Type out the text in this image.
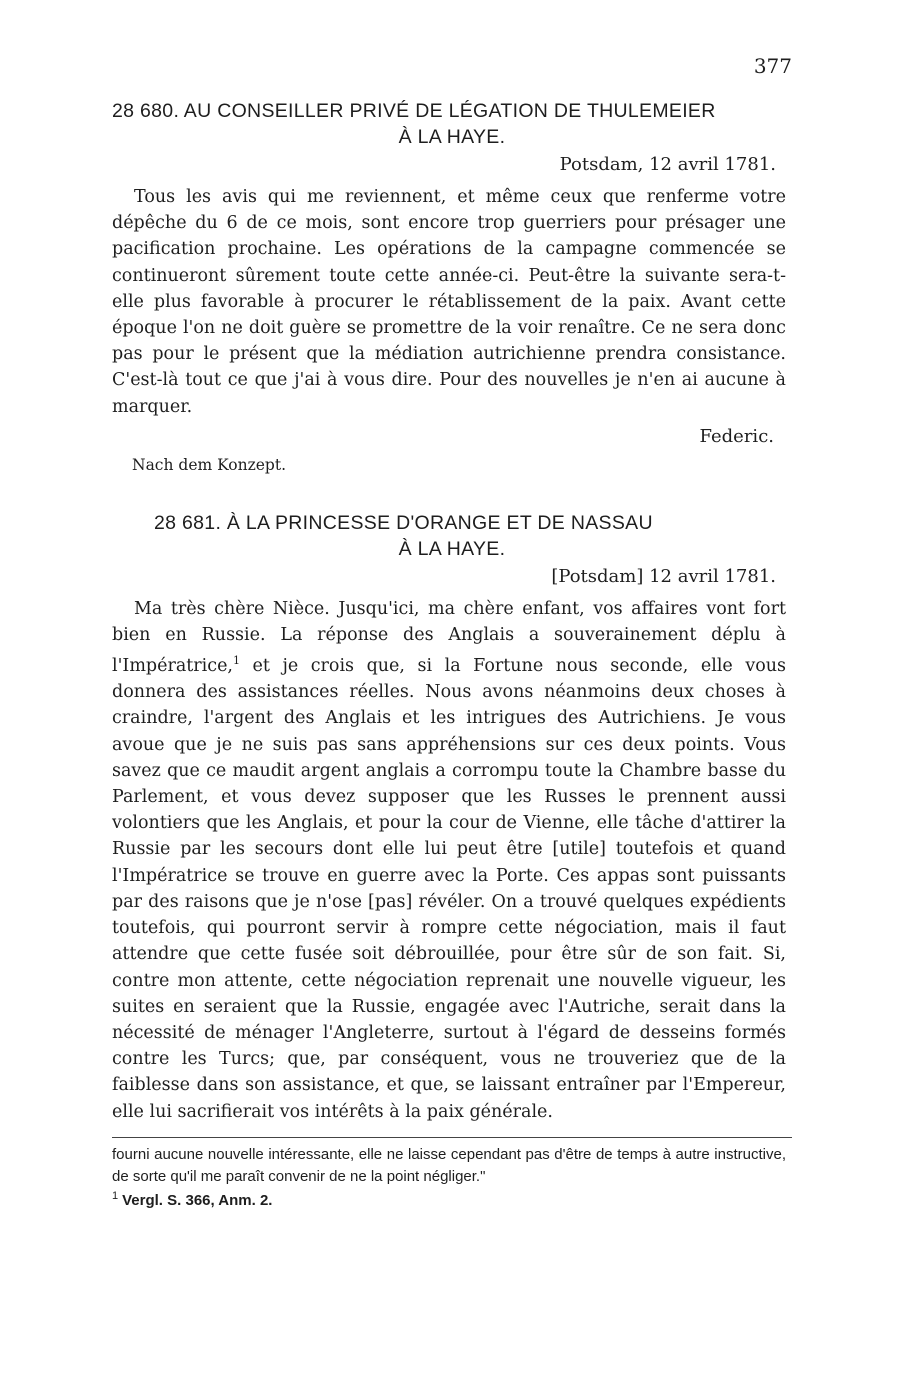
377
28 680. AU CONSEILLER PRIVÉ DE LÉGATION DE THULEMEIER
À LA HAYE.
Potsdam, 12 avril 1781.

Tous les avis qui me reviennent, et même ceux que renferme votre dépêche du 6 de ce mois, sont encore trop guerriers pour présager une pacification prochaine. Les opérations de la campagne commencée se continueront sûrement toute cette année-ci. Peut-être la suivante sera-t-elle plus favorable à procurer le rétablissement de la paix. Avant cette époque l'on ne doit guère se promettre de la voir renaître. Ce ne sera donc pas pour le présent que la médiation autrichienne prendra consistance. C'est-là tout ce que j'ai à vous dire. Pour des nouvelles je n'en ai aucune à marquer.

Federic.
Nach dem Konzept.
28 681. À LA PRINCESSE D'ORANGE ET DE NASSAU
À LA HAYE.
[Potsdam] 12 avril 1781.

Ma très chère Nièce. Jusqu'ici, ma chère enfant, vos affaires vont fort bien en Russie. La réponse des Anglais a souverainement déplu à l'Impératrice,$^1$ et je crois que, si la Fortune nous seconde, elle vous donnera des assistances réelles. Nous avons néanmoins deux choses à craindre, l'argent des Anglais et les intrigues des Autrichiens. Je vous avoue que je ne suis pas sans appréhensions sur ces deux points. Vous savez que ce maudit argent anglais a corrompu toute la Chambre basse du Parlement, et vous devez supposer que les Russes le prennent aussi volontiers que les Anglais, et pour la cour de Vienne, elle tâche d'attirer la Russie par les secours dont elle lui peut être [utile] toutefois et quand l'Impératrice se trouve en guerre avec la Porte. Ces appas sont puissants par des raisons que je n'ose [pas] révéler. On a trouvé quelques expédients toutefois, qui pourront servir à rompre cette négociation, mais il faut attendre que cette fusée soit débrouillée, pour être sûr de son fait. Si, contre mon attente, cette négociation reprenait une nouvelle vigueur, les suites en seraient que la Russie, engagée avec l'Autriche, serait dans la nécessité de ménager l'Angleterre, surtout à l'égard de desseins formés contre les Turcs; que, par conséquent, vous ne trouveriez que de la faiblesse dans son assistance, et que, se laissant entraîner par l'Empereur, elle lui sacrifierait vos intérêts à la paix générale.

fourni aucune nouvelle intéressante, elle ne laisse cependant pas d'être de temps à autre instructive, de sorte qu'il me paraît convenir de ne la point négliger."
$^1$ Vergl. S. 366, Anm. 2.
